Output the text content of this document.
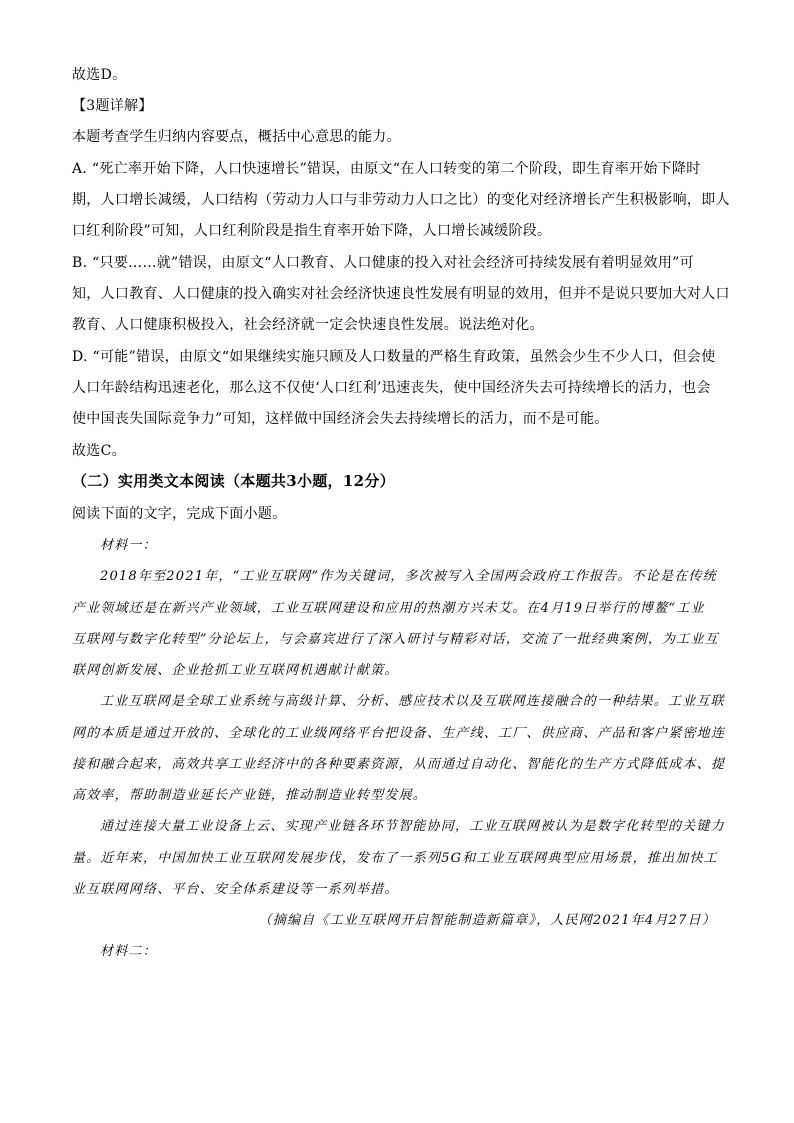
故选D。
【3题详解】
本题考查学生归纳内容要点，概括中心意思的能力。
A. “死亡率开始下降，人口快速增长”错误，由原文“在人口转变的第二个阶段，即生育率开始下降时
期，人口增长减缓，人口结构（劳动力人口与非劳动力人口之比）的变化对经济增长产生积极影响，即人
口红利阶段”可知，人口红利阶段是指生育率开始下降，人口增长减缓阶段。
B. “只要……就”错误，由原文“人口教育、人口健康的投入对社会经济可持续发展有着明显效用”可
知，人口教育、人口健康的投入确实对社会经济快速良性发展有明显的效用，但并不是说只要加大对人口
教育、人口健康积极投入，社会经济就一定会快速良性发展。说法绝对化。
D. “可能”错误，由原文“如果继续实施只顾及人口数量的严格生育政策，虽然会少生不少人口，但会使
人口年龄结构迅速老化，那么这不仅使‘人口红利’迅速丧失，使中国经济失去可持续增长的活力，也会
使中国丧失国际竞争力”可知，这样做中国经济会失去持续增长的活力，而不是可能。
故选C。
（二）实用类文本阅读（本题共3小题，12分）
阅读下面的文字，完成下面小题。
材料一：
2018年至2021年，“工业互联网”作为关键词，多次被写入全国两会政府工作报告。不论是在传统
产业领域还是在新兴产业领域，工业互联网建设和应用的热潮方兴未艾。在4月19日举行的博鳌“工业
互联网与数字化转型”分论坛上，与会嘉宾进行了深入研讨与精彩对话，交流了一批经典案例，为工业互
联网创新发展、企业抢抓工业互联网机遇献计献策。
工业互联网是全球工业系统与高级计算、分析、感应技术以及互联网连接融合的一种结果。工业互联
网的本质是通过开放的、全球化的工业级网络平台把设备、生产线、工厂、供应商、产品和客户紧密地连
接和融合起来，高效共享工业经济中的各种要素资源，从而通过自动化、智能化的生产方式降低成本、提
高效率，帮助制造业延长产业链，推动制造业转型发展。
通过连接大量工业设备上云、实现产业链各环节智能协同，工业互联网被认为是数字化转型的关键力
量。近年来，中国加快工业互联网发展步伐，发布了一系列5G和工业互联网典型应用场景，推出加快工
业互联网网络、平台、安全体系建设等一系列举措。
（摘编自《工业互联网开启智能制造新篇章》，人民网2021年4月27日）
材料二：
